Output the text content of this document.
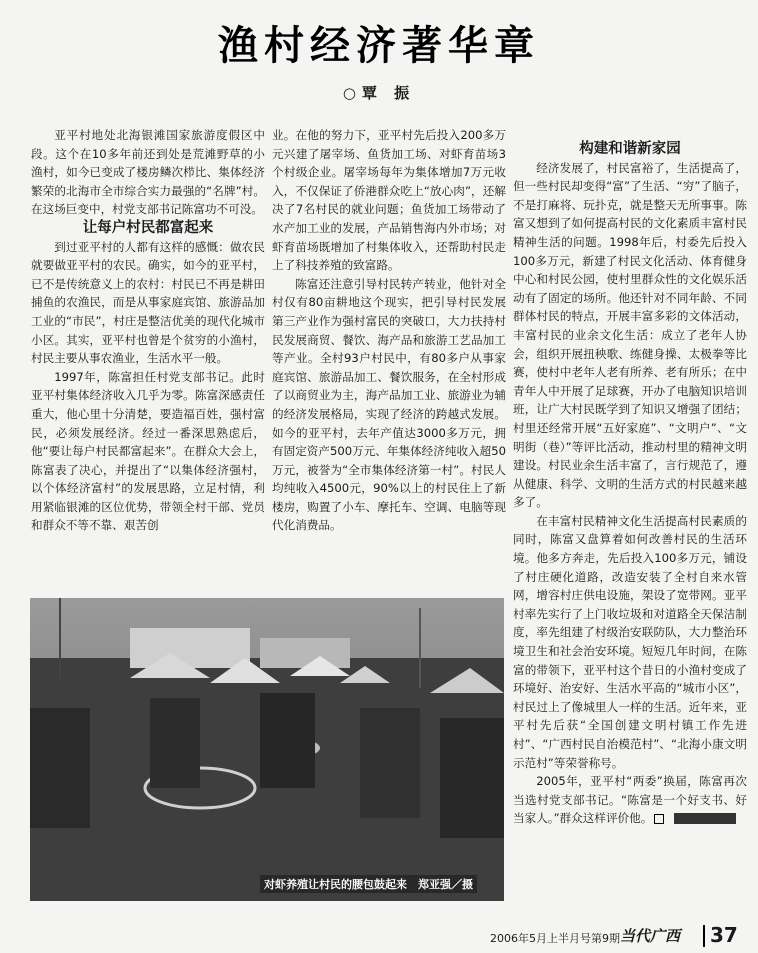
渔村经济著华章
○覃 振

亚平村地处北海银滩国家旅游度假区中段。这个在10多年前还到处是荒滩野草的小渔村，如今已变成了楼房鳞次栉比、集体经济繁荣的北海市全市综合实力最强的“名牌”村。在这场巨变中，村党支部书记陈富功不可没。

让每户村民都富起来

到过亚平村的人都有这样的感慨：做农民就要做亚平村的农民。确实，如今的亚平村，已不是传统意义上的农村：村民已不再是耕田捕鱼的农渔民，而是从事家庭宾馆、旅游品加工业的“市民”，村庄是整洁优美的现代化城市小区。其实，亚平村也曾是个贫穷的小渔村，村民主要从事农渔业，生活水平一般。

1997年，陈富担任村党支部书记。此时亚平村集体经济收入几乎为零。陈富深感责任重大，他心里十分清楚，要造福百姓，强村富民，必须发展经济。经过一番深思熟虑后，他“要让每户村民都富起来”。在群众大会上，陈富表了决心，并提出了“以集体经济强村，以个体经济富村”的发展思路，立足村情，利用紧临银滩的区位优势，带领全村干部、党员和群众不等不靠、艰苦创

业。在他的努力下，亚平村先后投入200多万元兴建了屠宰场、鱼货加工场、对虾育苗场3个村级企业。屠宰场每年为集体增加7万元收入，不仅保证了侨港群众吃上“放心肉”，还解决了7名村民的就业问题；鱼货加工场带动了水产加工业的发展，产品销售海内外市场；对虾育苗场既增加了村集体收入，还帮助村民走上了科技养殖的致富路。

陈富还注意引导村民转产转业，他针对全村仅有80亩耕地这个现实，把引导村民发展第三产业作为强村富民的突破口，大力扶持村民发展商贸、餐饮、海产品和旅游工艺品加工等产业。全村93户村民中，有80多户从事家庭宾馆、旅游品加工、餐饮服务，在全村形成了以商贸业为主，海产品加工业、旅游业为辅的经济发展格局，实现了经济的跨越式发展。如今的亚平村，去年产值达3000多万元，拥有固定资产500万元、年集体经济纯收入超50万元，被誉为“全市集体经济第一村”。村民人均纯收入4500元，90%以上的村民住上了新楼房，购置了小车、摩托车、空调、电脑等现代化消费品。

构建和谐新家园

经济发展了，村民富裕了，生活提高了，但一些村民却变得“富”了生活、“穷”了脑子，不是打麻将、玩扑克，就是整天无所事事。陈富又想到了如何提高村民的文化素质丰富村民精神生活的问题。1998年后，村委先后投入100多万元，新建了村民文化活动、体育健身中心和村民公园，使村里群众性的文化娱乐活动有了固定的场所。他还针对不同年龄、不同群体村民的特点，开展丰富多彩的文体活动，丰富村民的业余文化生活：成立了老年人协会，组织开展扭秧歌、练健身操、太极拳等比赛，使村中老年人老有所养、老有所乐；在中青年人中开展了足球赛，开办了电脑知识培训班，让广大村民既学到了知识又增强了团结；村里还经常开展“五好家庭”、“文明户”、“文明街（巷）”等评比活动，推动村里的精神文明建设。村民业余生活丰富了，言行规范了，遵从健康、科学、文明的生活方式的村民越来越多了。

在丰富村民精神文化生活提高村民素质的同时，陈富又盘算着如何改善村民的生活环境。他多方奔走，先后投入100多万元，铺设了村庄硬化道路，改造安装了全村自来水管网，增容村庄供电设施，架设了宽带网。亚平村率先实行了上门收垃圾和对道路全天保洁制度，率先组建了村级治安联防队，大力整治环境卫生和社会治安环境。短短几年时间，在陈富的带领下，亚平村这个昔日的小渔村变成了环境好、治安好、生活水平高的“城市小区”，村民过上了像城里人一样的生活。近年来，亚平村先后获“全国创建文明村镇工作先进村”、“广西村民自治模范村”、“北海小康文明示范村”等荣誉称号。

2005年，亚平村“两委”换届，陈富再次当选村党支部书记。“陈富是一个好支书、好当家人。”群众这样评价他。

对虾养殖让村民的腰包鼓起来　郑亚强／摄
2006年5月上半月号第9期 当代广西 37
